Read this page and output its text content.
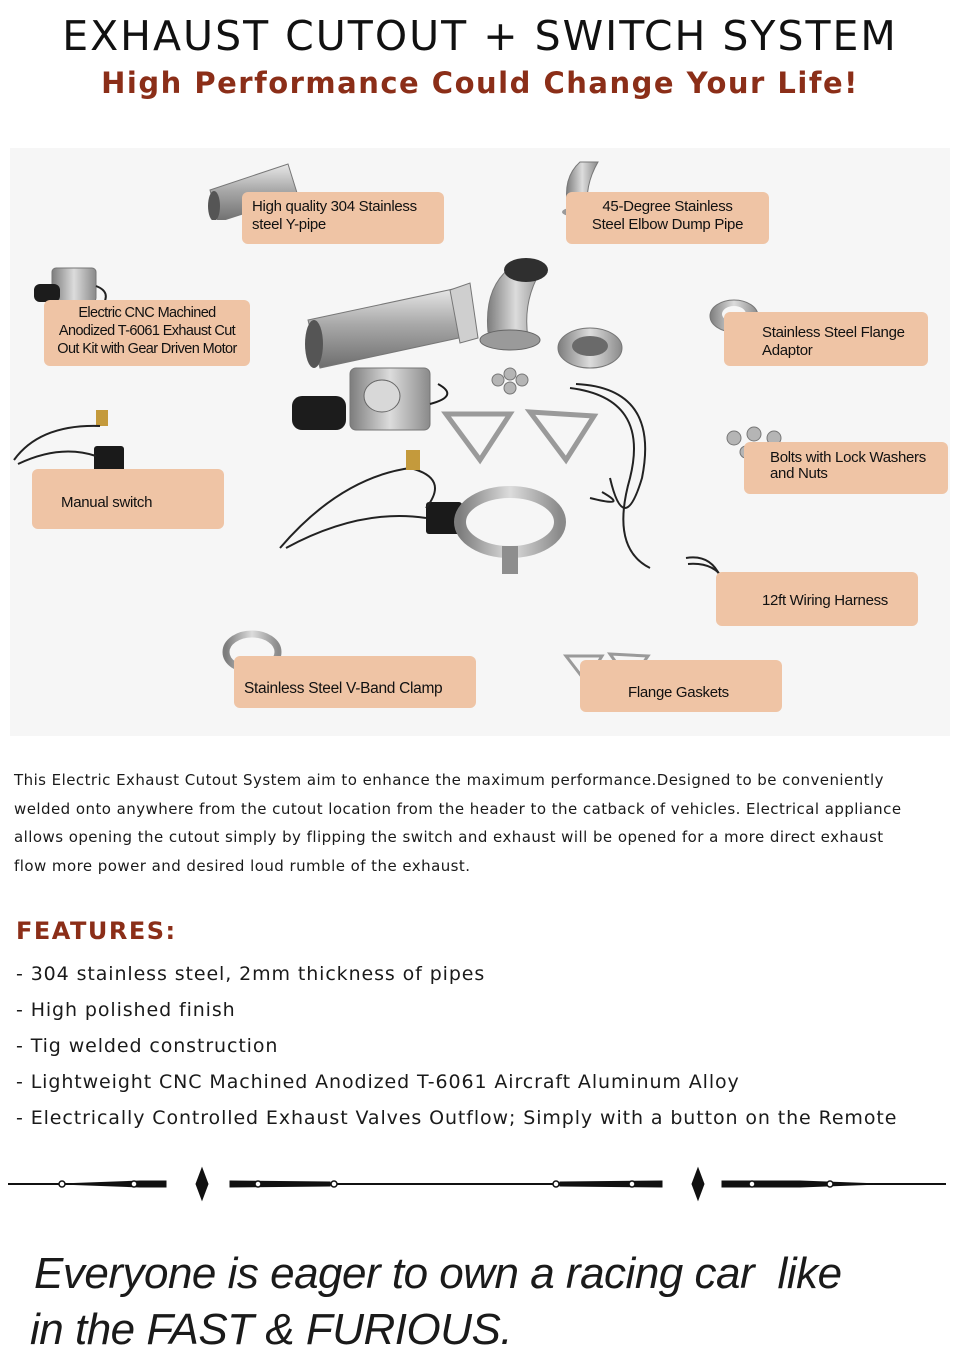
EXHAUST CUTOUT + SWITCH SYSTEM
High Performance Could Change Your Life!
High quality 304 Stainless
steel Y-pipe
45-Degree Stainless
Steel Elbow Dump Pipe
Electric CNC Machined
Anodized T-6061 Exhaust Cut
Out Kit with Gear Driven Motor
Stainless Steel Flange
Adaptor
Bolts with Lock Washers
and Nuts
Manual switch
12ft Wiring Harness
Stainless Steel V-Band Clamp	Flange Gaskets
This Electric Exhaust Cutout System aim to enhance the maximum performance.Designed to be conveniently
welded onto anywhere from the cutout location from the header to the catback of vehicles. Electrical appliance
allows opening the cutout simply by flipping the switch and exhaust will be opened for a more direct exhaust
flow more power and desired loud rumble of the exhaust.
FEATURES:
- 304 stainless steel, 2mm thickness of pipes
- High polished finish
- Tig welded construction
- Lightweight CNC Machined Anodized T-6061 Aircraft Aluminum Alloy
- Electrically Controlled Exhaust Valves Outflow; Simply with a button on the Remote
Everyone is eager to own a racing car  like
in the FAST & FURIOUS.
